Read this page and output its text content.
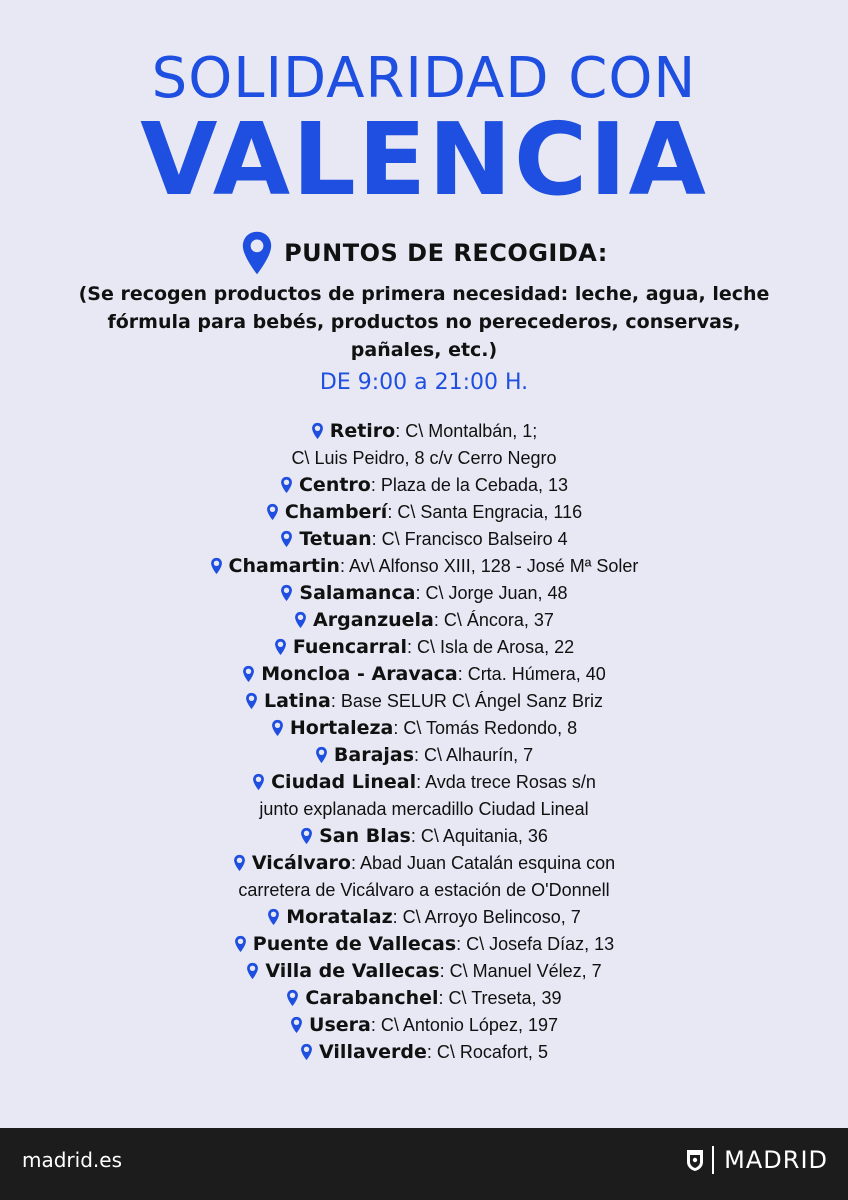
SOLIDARIDAD CON
VALENCIA
PUNTOS DE RECOGIDA:
(Se recogen productos de primera necesidad: leche, agua, leche fórmula para bebés, productos no perecederos, conservas, pañales, etc.)
DE 9:00 a 21:00 H.
Retiro: C\ Montalbán, 1;
C\ Luis Peidro, 8 c/v Cerro Negro
Centro: Plaza de la Cebada, 13
Chamberí: C\ Santa Engracia, 116
Tetuan: C\ Francisco Balseiro 4
Chamartin: Av\ Alfonso XIII, 128 - José Mª Soler
Salamanca: C\ Jorge Juan, 48
Arganzuela: C\ Áncora, 37
Fuencarral: C\ Isla de Arosa, 22
Moncloa - Aravaca: Crta. Húmera, 40
Latina: Base SELUR C\ Ángel Sanz Briz
Hortaleza: C\ Tomás Redondo, 8
Barajas: C\ Alhaurín, 7
Ciudad Lineal: Avda trece Rosas s/n
junto explanada mercadillo Ciudad Lineal
San Blas: C\ Aquitania, 36
Vicálvaro: Abad Juan Catalán esquina con
carretera de Vicálvaro a estación de O'Donnell
Moratalaz: C\ Arroyo Belincoso, 7
Puente de Vallecas: C\ Josefa Díaz, 13
Villa de Vallecas: C\ Manuel Vélez, 7
Carabanchel: C\ Treseta, 39
Usera: C\ Antonio López, 197
Villaverde: C\ Rocafort, 5
madrid.es	MADRID
